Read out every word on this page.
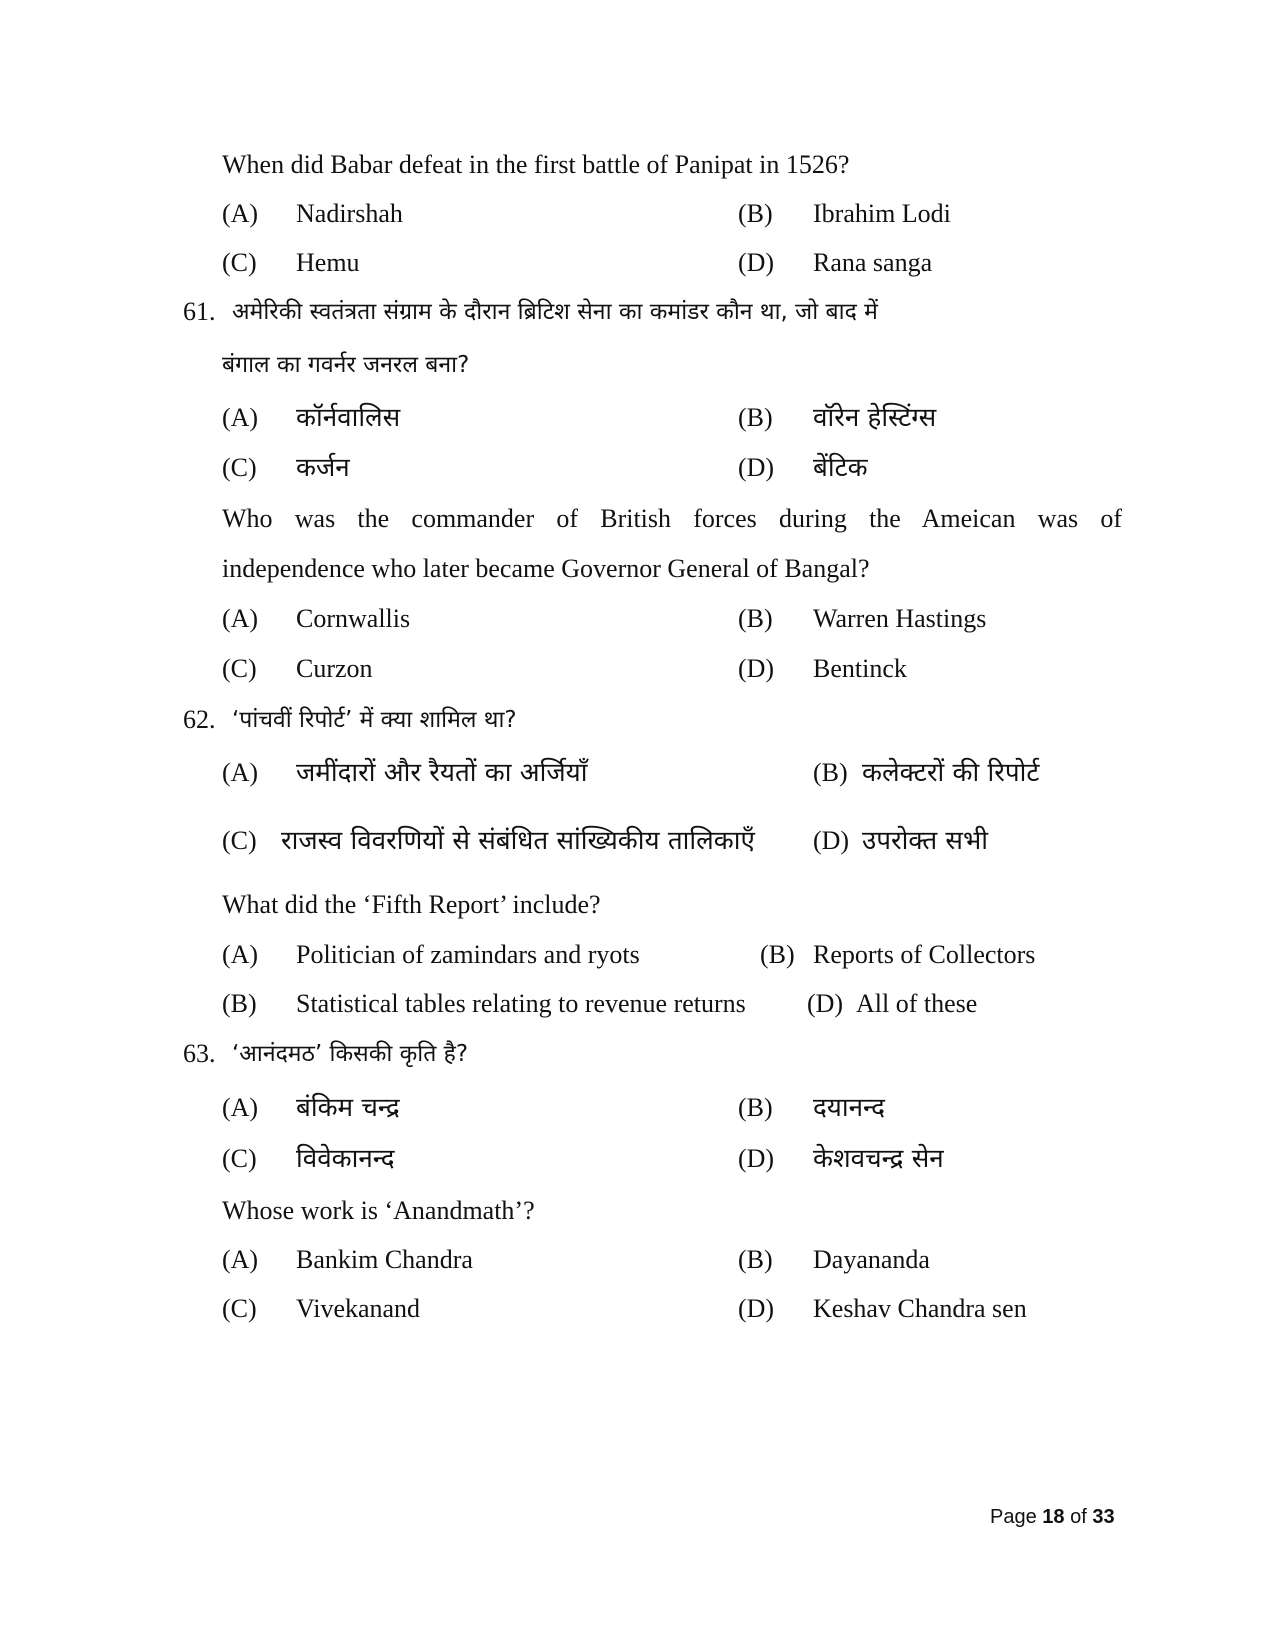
When did Babar defeat in the first battle of Panipat in 1526?
(A) Nadirshah	(B) Ibrahim Lodi
(C) Hemu	(D) Rana sanga
61. अमेरिकी स्वतंत्रता संग्राम के दौरान ब्रिटिश सेना का कमांडर कौन था, जो बाद में
बंगाल का गवर्नर जनरल बना?
(A) कॉर्नवालिस	(B) वॉरेन हेस्टिंग्स
(C) कर्जन	(D) बेंटिक
Who was the commander of British forces during the Ameican was of
independence who later became Governor General of Bangal?
(A) Cornwallis	(B) Warren Hastings
(C) Curzon	(D) Bentinck
62. ‘पांचवीं रिपोर्ट’ में क्या शामिल था?
(A) जमींदारों और रैयतों का अर्जियाँ	(B) कलेक्टरों की रिपोर्ट
(C) राजस्व विवरणियों से संबंधित सांख्यिकीय तालिकाएँ (D) उपरोक्त सभी
What did the ‘Fifth Report’ include?
(A) Politician of zamindars and ryots	(B) Reports of Collectors
(B) Statistical tables relating to revenue returns (D) All of these
63. ‘आनंदमठ’ किसकी कृति है?
(A) बंकिम चन्द्र	(B) दयानन्द
(C) विवेकानन्द	(D) केशवचन्द्र सेन
Whose work is ‘Anandmath’?
(A) Bankim Chandra	(B) Dayananda
(C) Vivekanand	(D) Keshav Chandra sen
Page 18 of 33
